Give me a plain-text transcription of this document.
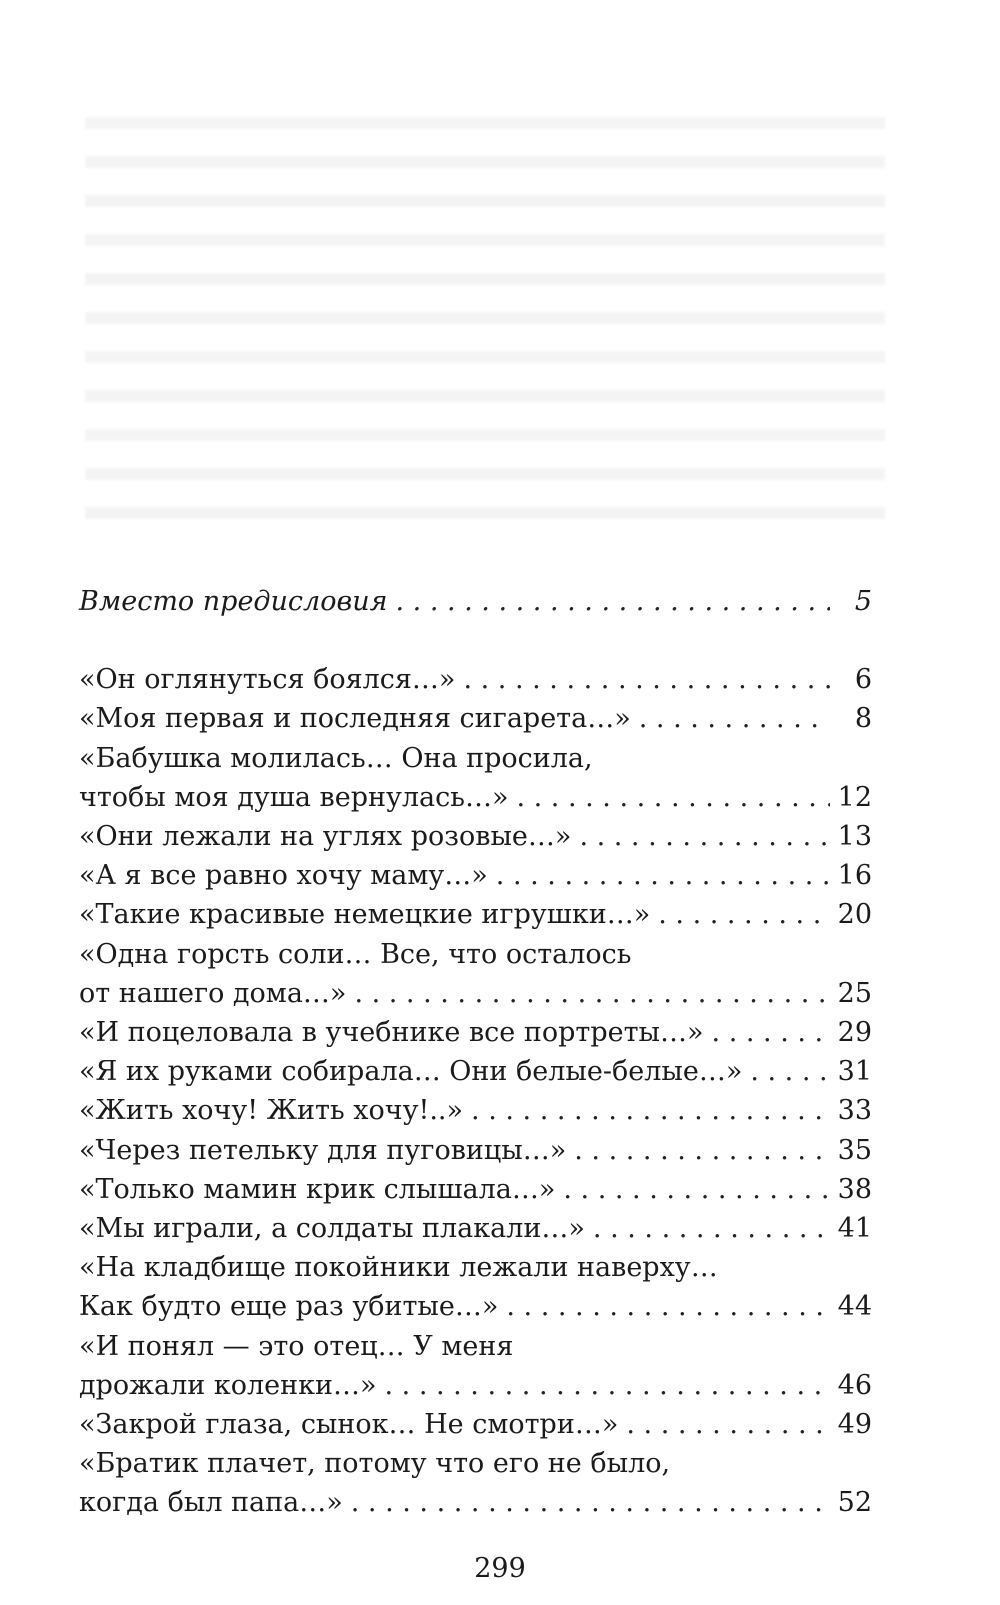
Вместо предисловия . . .	5
«Он оглянуться боялся…» . . .	6
«Моя первая и последняя сигарета…» . . .	8
«Бабушка молилась… Она просила,
чтобы моя душа вернулась…» . . .	12
«Они лежали на углях розовые…» . . .	13
«А я все равно хочу маму…» . . .	16
«Такие красивые немецкие игрушки…» . . .	20
«Одна горсть соли… Все, что осталось
от нашего дома…» . . .	25
«И поцеловала в учебнике все портреты…» . . .	29
«Я их руками собирала… Они белые-белые…» . . .	31
«Жить хочу! Жить хочу!..» . . .	33
«Через петельку для пуговицы…» . . .	35
«Только мамин крик слышала…» . . .	38
«Мы играли, а солдаты плакали…» . . .	41
«На кладбище покойники лежали наверху…
Как будто еще раз убитые…» . . .	44
«И понял — это отец… У меня
дрожали коленки…» . . .	46
«Закрой глаза, сынок… Не смотри…» . . .	49
«Братик плачет, потому что его не было,
когда был папа…» . . .	52
299
